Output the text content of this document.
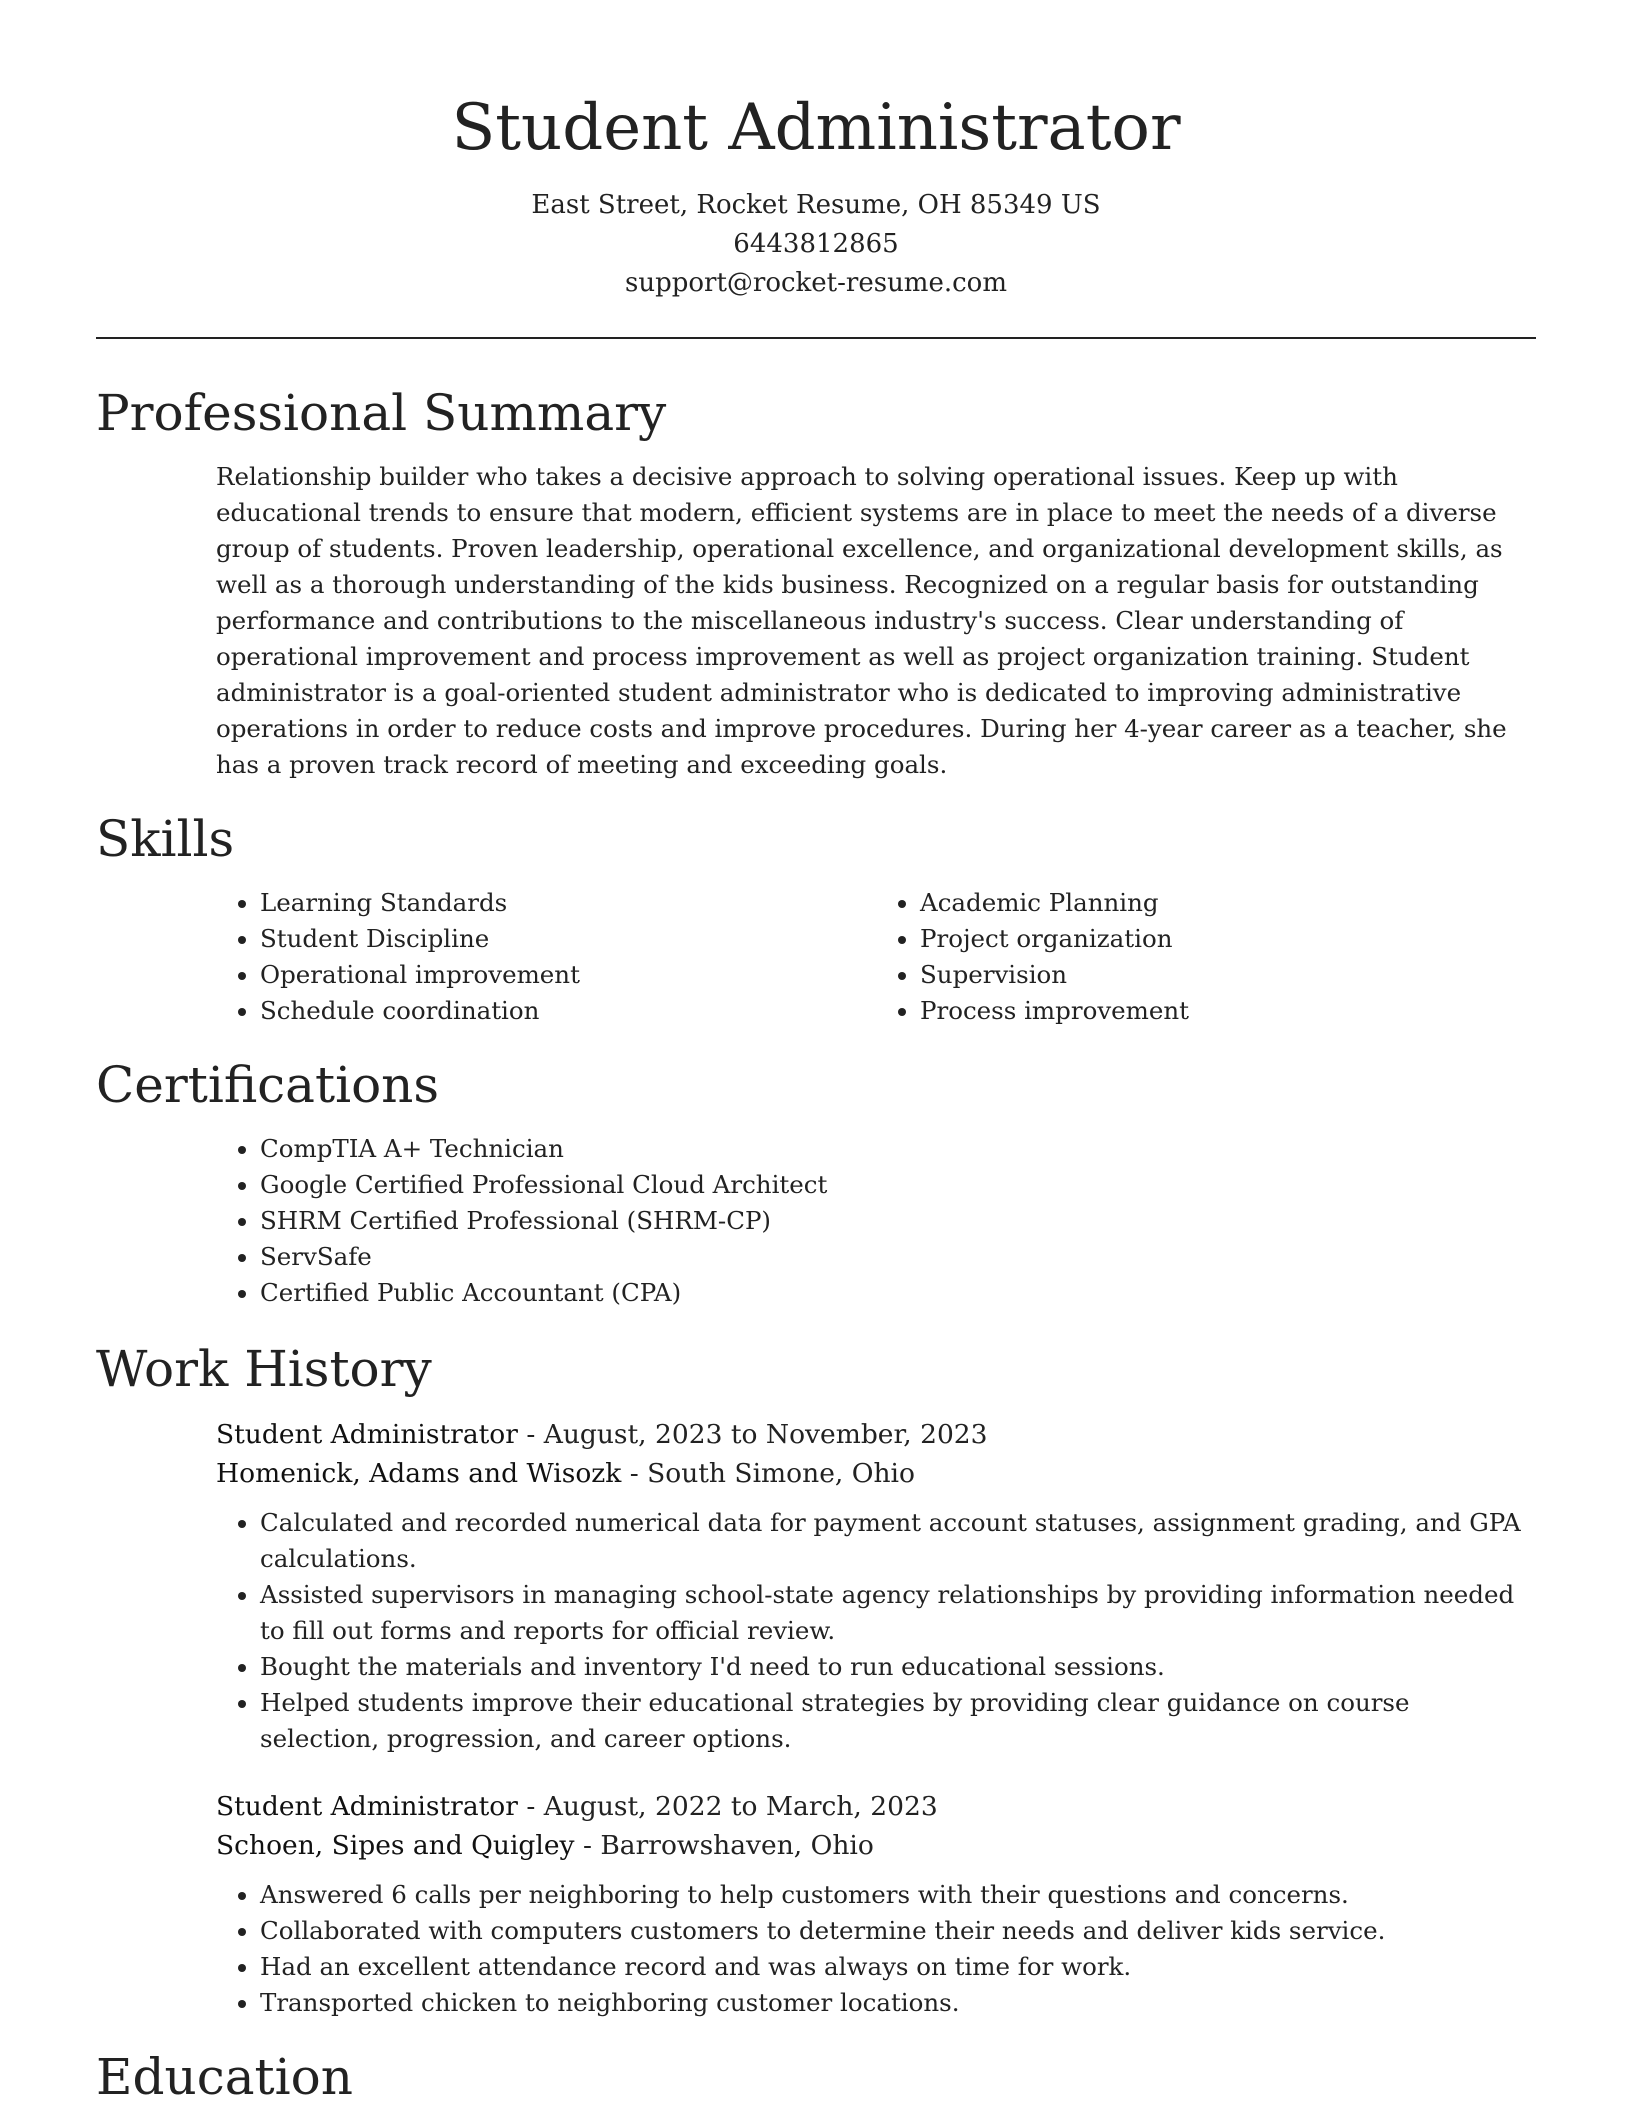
Student Administrator
East Street, Rocket Resume, OH 85349 US
6443812865
support@rocket-resume.com
Professional Summary

Relationship builder who takes a decisive approach to solving operational issues. Keep up with educational trends to ensure that modern, efficient systems are in place to meet the needs of a diverse group of students. Proven leadership, operational excellence, and organizational development skills, as well as a thorough understanding of the kids business. Recognized on a regular basis for outstanding performance and contributions to the miscellaneous industry's success. Clear understanding of operational improvement and process improvement as well as project organization training. Student administrator is a goal-oriented student administrator who is dedicated to improving administrative operations in order to reduce costs and improve procedures. During her 4-year career as a teacher, she has a proven track record of meeting and exceeding goals.

Skills
• Learning Standards
• Student Discipline
• Operational improvement
• Schedule coordination
• Academic Planning
• Project organization
• Supervision
• Process improvement
Certifications
• CompTIA A+ Technician
• Google Certified Professional Cloud Architect
• SHRM Certified Professional (SHRM-CP)
• ServSafe
• Certified Public Accountant (CPA)
Work History
Student Administrator - August, 2023 to November, 2023
Homenick, Adams and Wisozk - South Simone, Ohio
• Calculated and recorded numerical data for payment account statuses, assignment grading, and GPA calculations.
• Assisted supervisors in managing school-state agency relationships by providing information needed to fill out forms and reports for official review.
• Bought the materials and inventory I'd need to run educational sessions.
• Helped students improve their educational strategies by providing clear guidance on course selection, progression, and career options.
Student Administrator - August, 2022 to March, 2023
Schoen, Sipes and Quigley - Barrowshaven, Ohio
• Answered 6 calls per neighboring to help customers with their questions and concerns.
• Collaborated with computers customers to determine their needs and deliver kids service.
• Had an excellent attendance record and was always on time for work.
• Transported chicken to neighboring customer locations.
Education
